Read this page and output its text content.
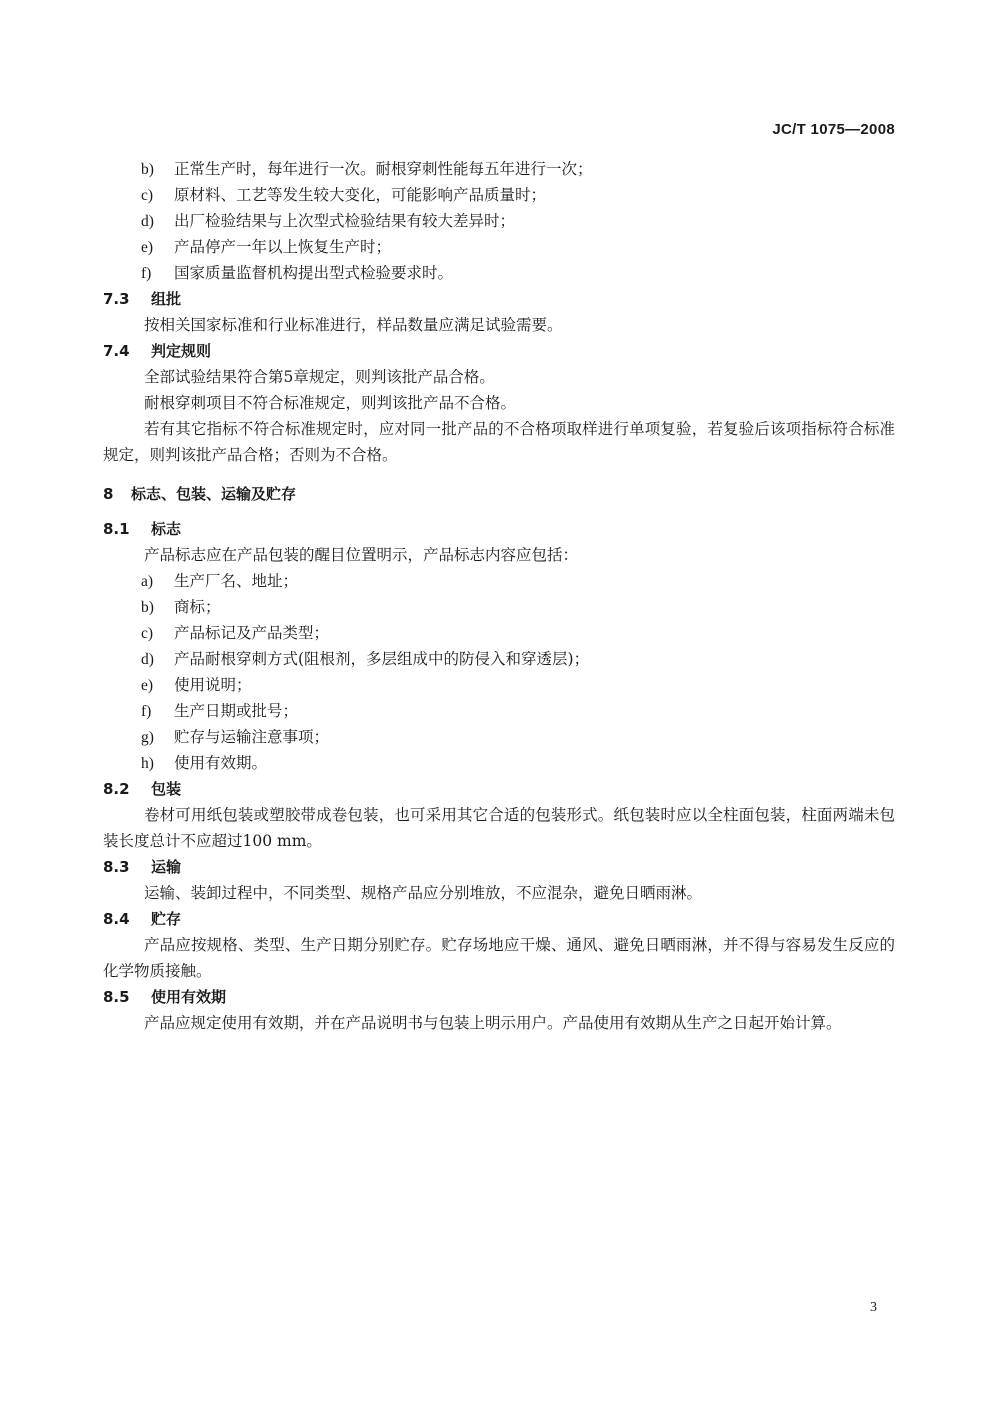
JC/T 1075—2008
b) 正常生产时，每年进行一次。耐根穿刺性能每五年进行一次；
c) 原材料、工艺等发生较大变化，可能影响产品质量时；
d) 出厂检验结果与上次型式检验结果有较大差异时；
e) 产品停产一年以上恢复生产时；
f) 国家质量监督机构提出型式检验要求时。
7.3 组批
按相关国家标准和行业标准进行，样品数量应满足试验需要。
7.4 判定规则
全部试验结果符合第5章规定，则判该批产品合格。
耐根穿刺项目不符合标准规定，则判该批产品不合格。
若有其它指标不符合标准规定时，应对同一批产品的不合格项取样进行单项复验，若复验后该项指标符合标准规定，则判该批产品合格；否则为不合格。
8 标志、包装、运输及贮存
8.1 标志
产品标志应在产品包装的醒目位置明示，产品标志内容应包括：
a) 生产厂名、地址；
b) 商标；
c) 产品标记及产品类型；
d) 产品耐根穿刺方式(阻根剂，多层组成中的防侵入和穿透层)；
e) 使用说明；
f) 生产日期或批号；
g) 贮存与运输注意事项；
h) 使用有效期。
8.2 包装
卷材可用纸包装或塑胶带成卷包装，也可采用其它合适的包装形式。纸包装时应以全柱面包装，柱面两端未包装长度总计不应超过100 mm。
8.3 运输
运输、装卸过程中，不同类型、规格产品应分别堆放，不应混杂，避免日晒雨淋。
8.4 贮存
产品应按规格、类型、生产日期分别贮存。贮存场地应干燥、通风、避免日晒雨淋，并不得与容易发生反应的化学物质接触。
8.5 使用有效期
产品应规定使用有效期，并在产品说明书与包装上明示用户。产品使用有效期从生产之日起开始计算。
3
